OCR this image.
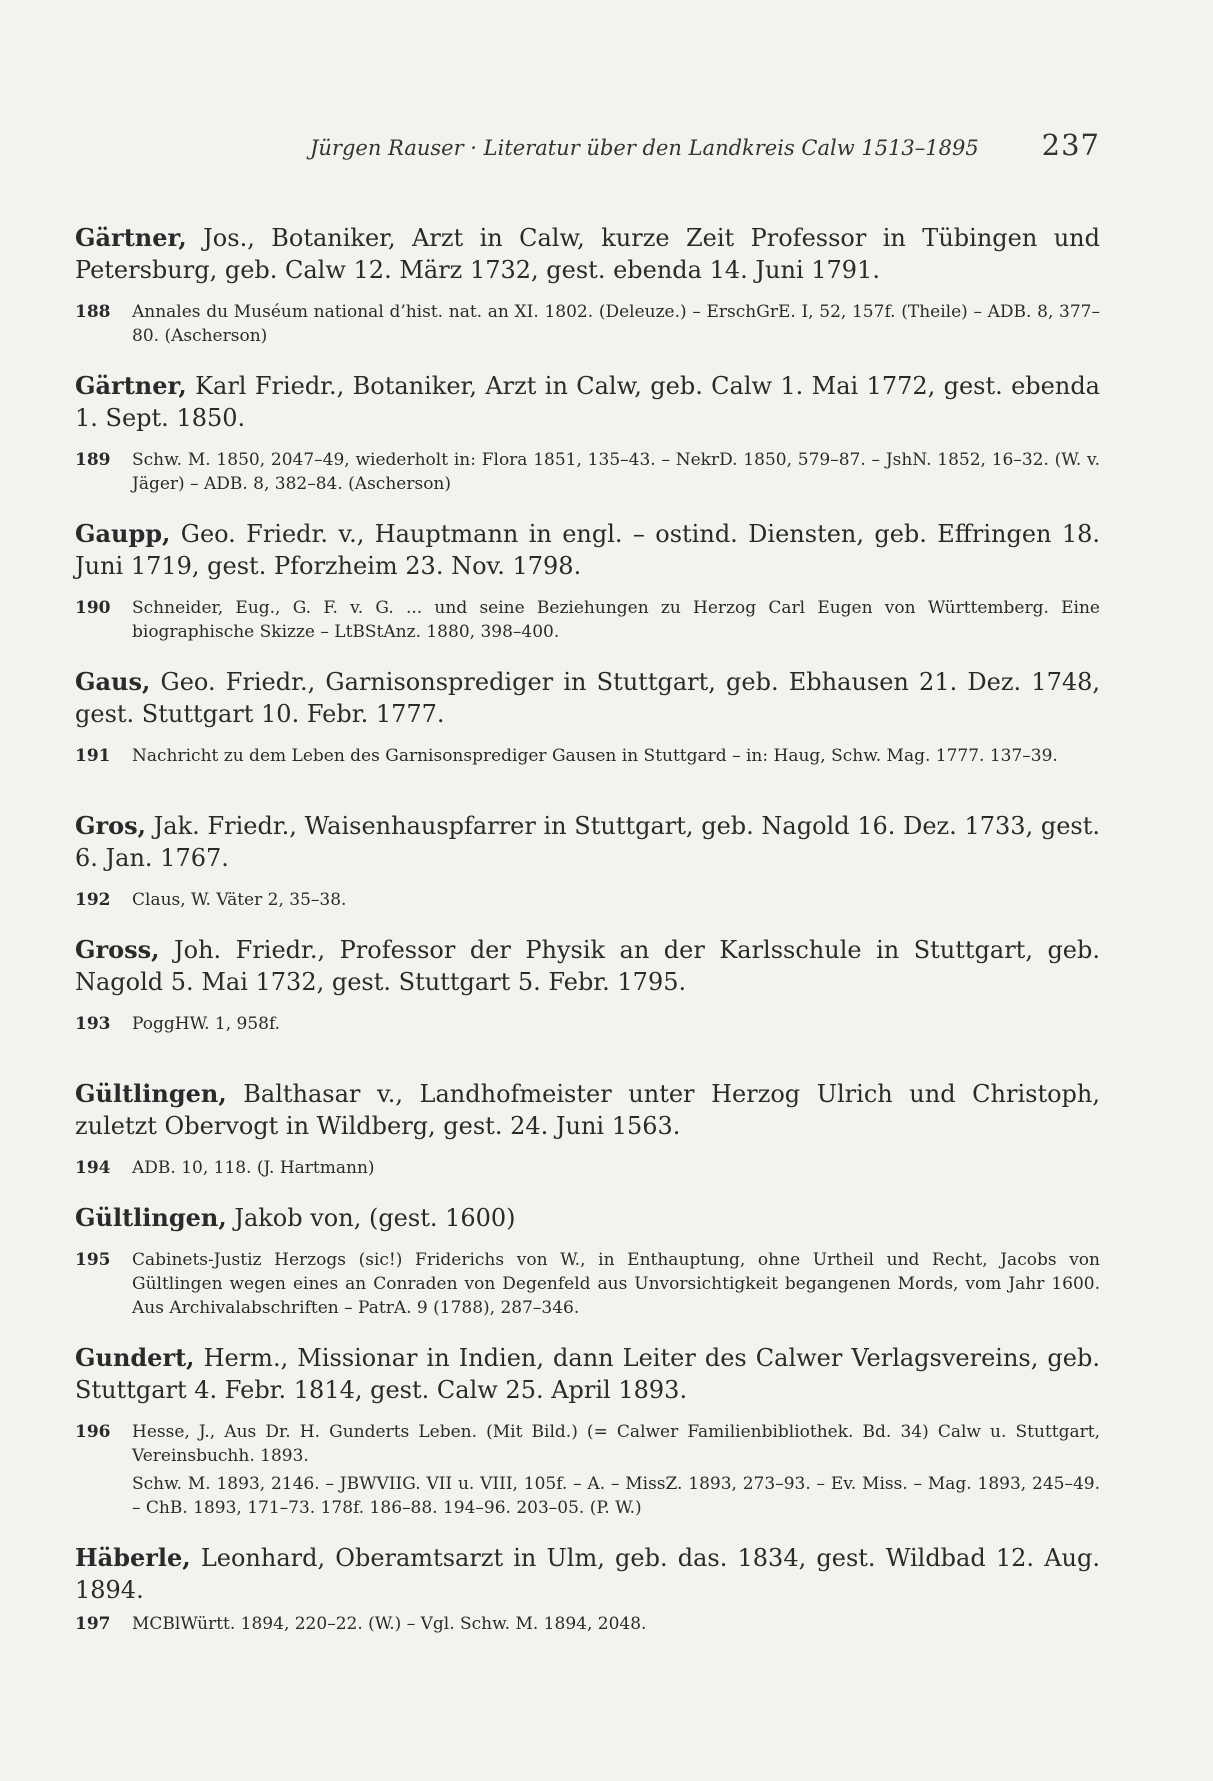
Jürgen Rauser · Literatur über den Landkreis Calw 1513–1895 237

Gärtner, Jos., Botaniker, Arzt in Calw, kurze Zeit Professor in Tübingen und Petersburg, geb. Calw 12. März 1732, gest. ebenda 14. Juni 1791.

188	Annales du Muséum national d’hist. nat. an XI. 1802. (Deleuze.) – ErschGrE. I, 52, 157f. (Theile) – ADB. 8, 377–80. (Ascherson)

Gärtner, Karl Friedr., Botaniker, Arzt in Calw, geb. Calw 1. Mai 1772, gest. ebenda 1. Sept. 1850.

189	Schw. M. 1850, 2047–49, wiederholt in: Flora 1851, 135–43. – NekrD. 1850, 579–87. – JshN. 1852, 16–32. (W. v. Jäger) – ADB. 8, 382–84. (Ascherson)

Gaupp, Geo. Friedr. v., Hauptmann in engl. – ostind. Diensten, geb. Effringen 18. Juni 1719, gest. Pforzheim 23. Nov. 1798.

190	Schneider, Eug., G. F. v. G. ... und seine Beziehungen zu Herzog Carl Eugen von Württemberg. Eine biographische Skizze – LtBStAnz. 1880, 398–400.

Gaus, Geo. Friedr., Garnisonsprediger in Stuttgart, geb. Ebhausen 21. Dez. 1748, gest. Stuttgart 10. Febr. 1777.

191	Nachricht zu dem Leben des Garnisonsprediger Gausen in Stuttgard – in: Haug, Schw. Mag. 1777. 137–39.

Gros, Jak. Friedr., Waisenhauspfarrer in Stuttgart, geb. Nagold 16. Dez. 1733, gest. 6. Jan. 1767.

192	Claus, W. Väter 2, 35–38.

Gross, Joh. Friedr., Professor der Physik an der Karlsschule in Stuttgart, geb. Nagold 5. Mai 1732, gest. Stuttgart 5. Febr. 1795.

193	PoggHW. 1, 958f.

Gültlingen, Balthasar v., Landhofmeister unter Herzog Ulrich und Christoph, zuletzt Obervogt in Wildberg, gest. 24. Juni 1563.

194	ADB. 10, 118. (J. Hartmann)

Gültlingen, Jakob von, (gest. 1600)

195	Cabinets-Justiz Herzogs (sic!) Friderichs von W., in Enthauptung, ohne Urtheil und Recht, Jacobs von Gültlingen wegen eines an Conraden von Degenfeld aus Unvorsichtigkeit begangenen Mords, vom Jahr 1600. Aus Archivalabschriften – PatrA. 9 (1788), 287–346.

Gundert, Herm., Missionar in Indien, dann Leiter des Calwer Verlagsvereins, geb. Stuttgart 4. Febr. 1814, gest. Calw 25. April 1893.

196	Hesse, J., Aus Dr. H. Gunderts Leben. (Mit Bild.) (= Calwer Familienbibliothek. Bd. 34) Calw u. Stuttgart, Vereinsbuchh. 1893.
Schw. M. 1893, 2146. – JBWVIIG. VII u. VIII, 105f. – A. – MissZ. 1893, 273–93. – Ev. Miss. – Mag. 1893, 245–49. – ChB. 1893, 171–73. 178f. 186–88. 194–96. 203–05. (P. W.)

Häberle, Leonhard, Oberamtsarzt in Ulm, geb. das. 1834, gest. Wildbad 12. Aug. 1894.

197	MCBlWürtt. 1894, 220–22. (W.) – Vgl. Schw. M. 1894, 2048.
